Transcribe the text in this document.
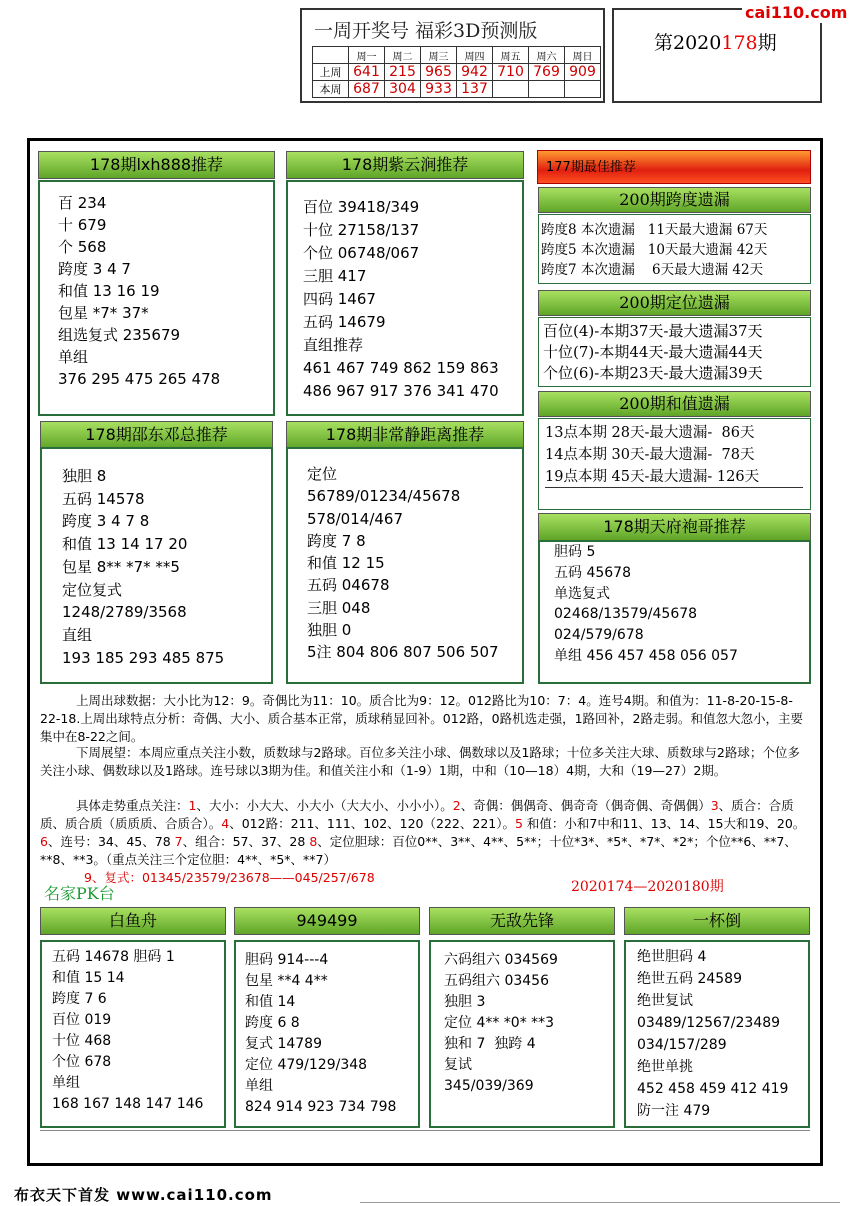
一周开奖号 福彩3D预测版
	周一	周二	周三	周四	周五	周六	周日
上周	641	215	965	942	710	769	909
本周	687	304	933	137			
第2020178期
cai110.com
178期lxh888推荐
百 234
十 679
个 568
跨度 3 4 7
和值 13 16 19
包星 *7* 37*
组选复式 235679
单组
376 295 475 265 478
178期紫云涧推荐
百位 39418/349
十位 27158/137
个位 06748/067
三胆 417
四码 1467
五码 14679
直组推荐
461 467 749 862 159 863
486 967 917 376 341 470
178期邵东邓总推荐
独胆 8
五码 14578
跨度 3 4 7 8
和值 13 14 17 20
包星 8** *7* **5
定位复式
1248/2789/3568
直组
193 185 293 485 875
178期非常静距离推荐
定位
56789/01234/45678
578/014/467
跨度 7 8
和值 12 15
五码 04678
三胆 048
独胆 0
5注 804 806 807 506 507
177期最佳推荐
200期跨度遗漏
跨度8 本次遗漏   11天最大遗漏 67天
跨度5 本次遗漏   10天最大遗漏 42天
跨度7 本次遗漏    6天最大遗漏 42天
200期定位遗漏
百位(4)-本期37天-最大遗漏37天
十位(7)-本期44天-最大遗漏44天
个位(6)-本期23天-最大遗漏39天
200期和值遗漏
13点本期 28天-最大遗漏-  86天
14点本期 30天-最大遗漏-  78天
19点本期 45天-最大遗漏- 126天
178期天府袍哥推荐
胆码 5
五码 45678
单选复式
02468/13579/45678
024/579/678
单组 456 457 458 056 057
上周出球数据：大小比为12：9。奇偶比为11：10。质合比为9：12。012路比为10：7：4。连号4期。和值为：11-8-20-15-8-22-18.上周出球特点分析：奇偶、大小、质合基本正常，质球稍显回补。012路，0路机选走强，1路回补，2路走弱。和值忽大忽小，主要集中在8-22之间。
下周展望：本周应重点关注小数，质数球与2路球。百位多关注小球、偶数球以及1路球；十位多关注大球、质数球与2路球；个位多关注小球、偶数球以及1路球。连号球以3期为佳。和值关注小和（1-9）1期，中和（10—18）4期，大和（19—27）2期。
具体走势重点关注：1、大小：小大大、小大小（大大小、小小小）。2、奇偶：偶偶奇、偶奇奇（偶奇偶、奇偶偶）3、质合：合质质、质合质（质质质、合质合）。4、012路：211、111、102、120（222、221）。5 和值：小和7中和11、13、14、15大和19、20。6、连号：34、45、78 7、组合：57、37、28 8、定位胆球：百位0**、3**、4**、5**；十位*3*、*5*、*7*、*2*；个位**6、**7、**8、**3。（重点关注三个定位胆：4**、*5*、**7）
9、复式：01345/23579/23678——045/257/678
名家PK台	2020174—2020180期
白鱼舟
五码 14678 胆码 1
和值 15 14
跨度 7 6
百位 019
十位 468
个位 678
单组
168 167 148 147 146
949499
胆码 914---4
包星 **4 4**
和值 14
跨度 6 8
复式 14789
定位 479/129/348
单组
824 914 923 734 798
无敌先锋
六码组六 034569
五码组六 03456
独胆 3
定位 4** *0* **3
独和 7  独跨 4
复试
345/039/369
一杯倒
绝世胆码 4
绝世五码 24589
绝世复试
03489/12567/23489
034/157/289
绝世单挑
452 458 459 412 419
防一注 479
布衣天下首发 www.cai110.com
